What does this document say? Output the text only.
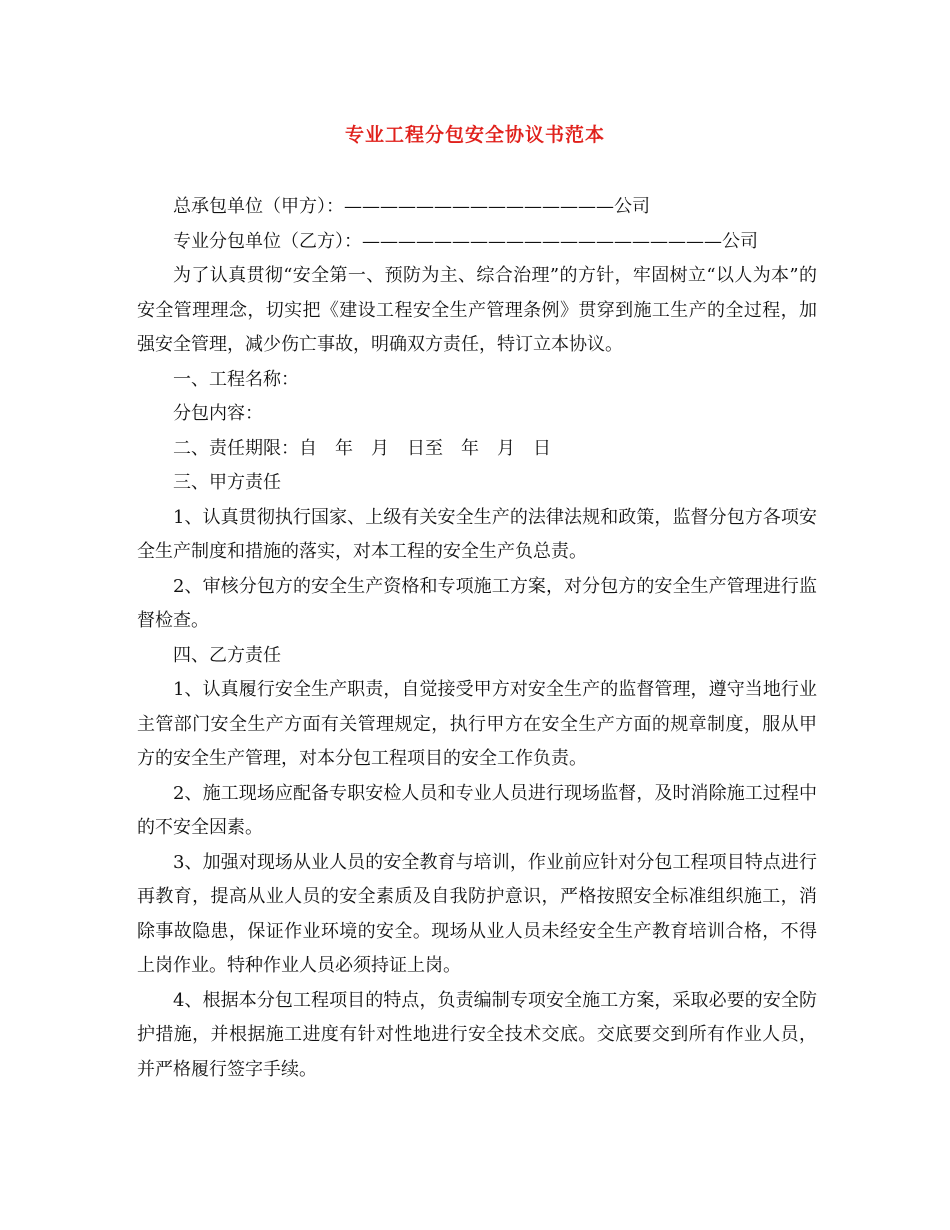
专业工程分包安全协议书范本

总承包单位（甲方）：———————————————公司

专业分包单位（乙方）：————————————————————公司

为了认真贯彻“安全第一、预防为主、综合治理”的方针，牢固树立“以人为本”的安全管理理念，切实把《建设工程安全生产管理条例》贯穿到施工生产的全过程，加强安全管理，减少伤亡事故，明确双方责任，特订立本协议。

一、工程名称：

分包内容：

二、责任期限：自　年　月　日至　年　月　日

三、甲方责任

1、认真贯彻执行国家、上级有关安全生产的法律法规和政策，监督分包方各项安全生产制度和措施的落实，对本工程的安全生产负总责。

2、审核分包方的安全生产资格和专项施工方案，对分包方的安全生产管理进行监督检查。

四、乙方责任

1、认真履行安全生产职责，自觉接受甲方对安全生产的监督管理，遵守当地行业主管部门安全生产方面有关管理规定，执行甲方在安全生产方面的规章制度，服从甲方的安全生产管理，对本分包工程项目的安全工作负责。

2、施工现场应配备专职安检人员和专业人员进行现场监督，及时消除施工过程中的不安全因素。

3、加强对现场从业人员的安全教育与培训，作业前应针对分包工程项目特点进行再教育，提高从业人员的安全素质及自我防护意识，严格按照安全标准组织施工，消除事故隐患，保证作业环境的安全。现场从业人员未经安全生产教育培训合格，不得上岗作业。特种作业人员必须持证上岗。

4、根据本分包工程项目的特点，负责编制专项安全施工方案，采取必要的安全防护措施，并根据施工进度有针对性地进行安全技术交底。交底要交到所有作业人员，并严格履行签字手续。
